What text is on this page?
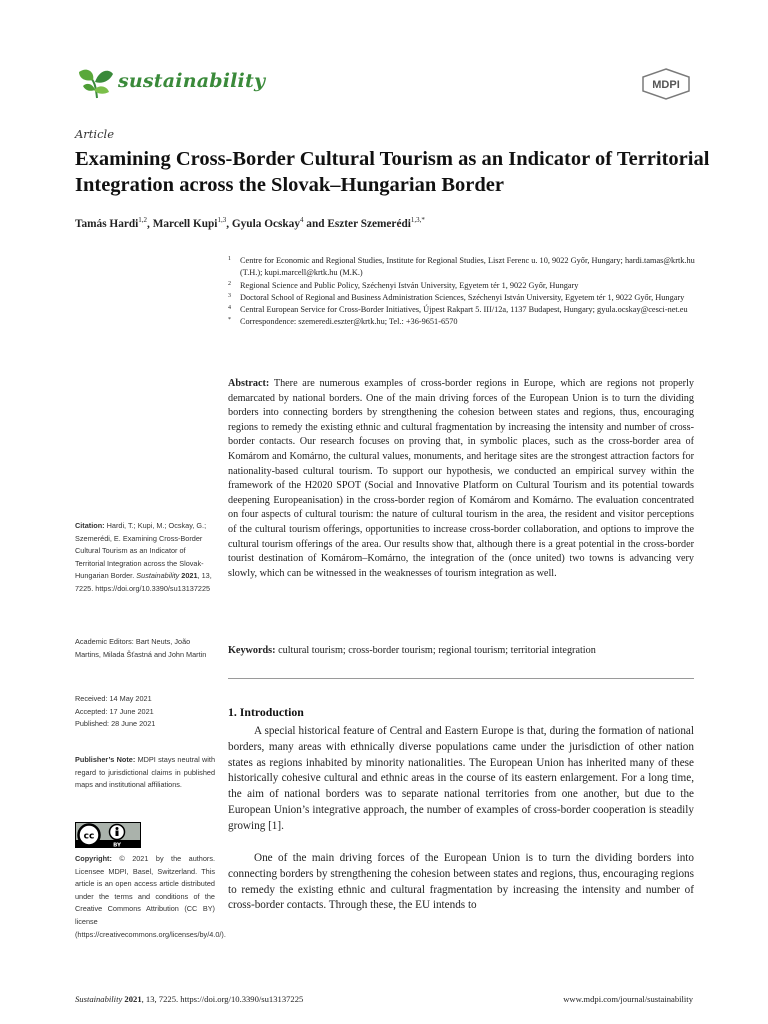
sustainability	MDPI
Article
Examining Cross-Border Cultural Tourism as an Indicator of Territorial Integration across the Slovak–Hungarian Border
Tamás Hardi$^{1,2}$, Marcell Kupi$^{1,3}$, Gyula Ocskay$^4$ and Eszter Szemerédi$^{1,3,*}$
1 Centre for Economic and Regional Studies, Institute for Regional Studies, Liszt Ferenc u. 10, 9022 Győr, Hungary; hardi.tamas@krtk.hu (T.H.); kupi.marcell@krtk.hu (M.K.)
2 Regional Science and Public Policy, Széchenyi István University, Egyetem tér 1, 9022 Győr, Hungary
3 Doctoral School of Regional and Business Administration Sciences, Széchenyi István University, Egyetem tér 1, 9022 Győr, Hungary
4 Central European Service for Cross-Border Initiatives, Újpest Rakpart 5. III/12a, 1137 Budapest, Hungary; gyula.ocskay@cesci-net.eu
* Correspondence: szemeredi.eszter@krtk.hu; Tel.: +36-9651-6570
Abstract: There are numerous examples of cross-border regions in Europe, which are regions not properly demarcated by national borders. One of the main driving forces of the European Union is to turn the dividing borders into connecting borders by strengthening the cohesion between states and regions, thus, encouraging regions to remedy the existing ethnic and cultural fragmentation by increasing the intensity and number of cross-border contacts. Our research focuses on proving that, in symbolic places, such as the cross-border area of Komárom and Komárno, the cultural values, monuments, and heritage sites are the strongest attraction factors for nationality-based cultural tourism. To support our hypothesis, we conducted an empirical survey within the framework of the H2020 SPOT (Social and Innovative Platform on Cultural Tourism and its potential towards deepening Europeanisation) in the cross-border region of Komárom and Komárno. The evaluation concentrated on four aspects of cultural tourism: the nature of cultural tourism in the area, the resident and visitor perceptions of the cultural tourism offerings, opportunities to increase cross-border collaboration, and options to improve the cultural tourism offerings of the area. Our results show that, although there is a great potential in the cross-border tourist destination of Komárom–Komárno, the integration of the (once united) two towns is advancing very slowly, which can be witnessed in the weaknesses of tourism integration as well.
Keywords: cultural tourism; cross-border tourism; regional tourism; territorial integration
1. Introduction
A special historical feature of Central and Eastern Europe is that, during the formation of national borders, many areas with ethnically diverse populations came under the jurisdiction of other nation states as regions inhabited by minority nationalities. The European Union has inherited many of these historically cohesive cultural and ethnic areas in the course of its eastern enlargement. For a long time, the aim of national borders was to separate national territories from one another, but due to the European Union’s integrative approach, the number of examples of cross-border cooperation is steadily growing [1].
One of the main driving forces of the European Union is to turn the dividing borders into connecting borders by strengthening the cohesion between states and regions, thus, encouraging regions to remedy the existing ethnic and cultural fragmentation by increasing the intensity and number of cross-border contacts. Through these, the EU intends to
Citation: Hardi, T.; Kupi, M.; Ocskay, G.; Szemerédi, E. Examining Cross-Border Cultural Tourism as an Indicator of Territorial Integration across the Slovak-Hungarian Border. Sustainability 2021, 13, 7225. https://doi.org/10.3390/su13137225
Academic Editors: Bart Neuts, João Martins, Milada Šťastná and John Martin
Received: 14 May 2021
Accepted: 17 June 2021
Published: 28 June 2021
Publisher’s Note: MDPI stays neutral with regard to jurisdictional claims in published maps and institutional affiliations.
cc
BY
Copyright: © 2021 by the authors. Licensee MDPI, Basel, Switzerland. This article is an open access article distributed under the terms and conditions of the Creative Commons Attribution (CC BY) license (https://creativecommons.org/licenses/by/4.0/).
Sustainability 2021, 13, 7225. https://doi.org/10.3390/su13137225	www.mdpi.com/journal/sustainability
